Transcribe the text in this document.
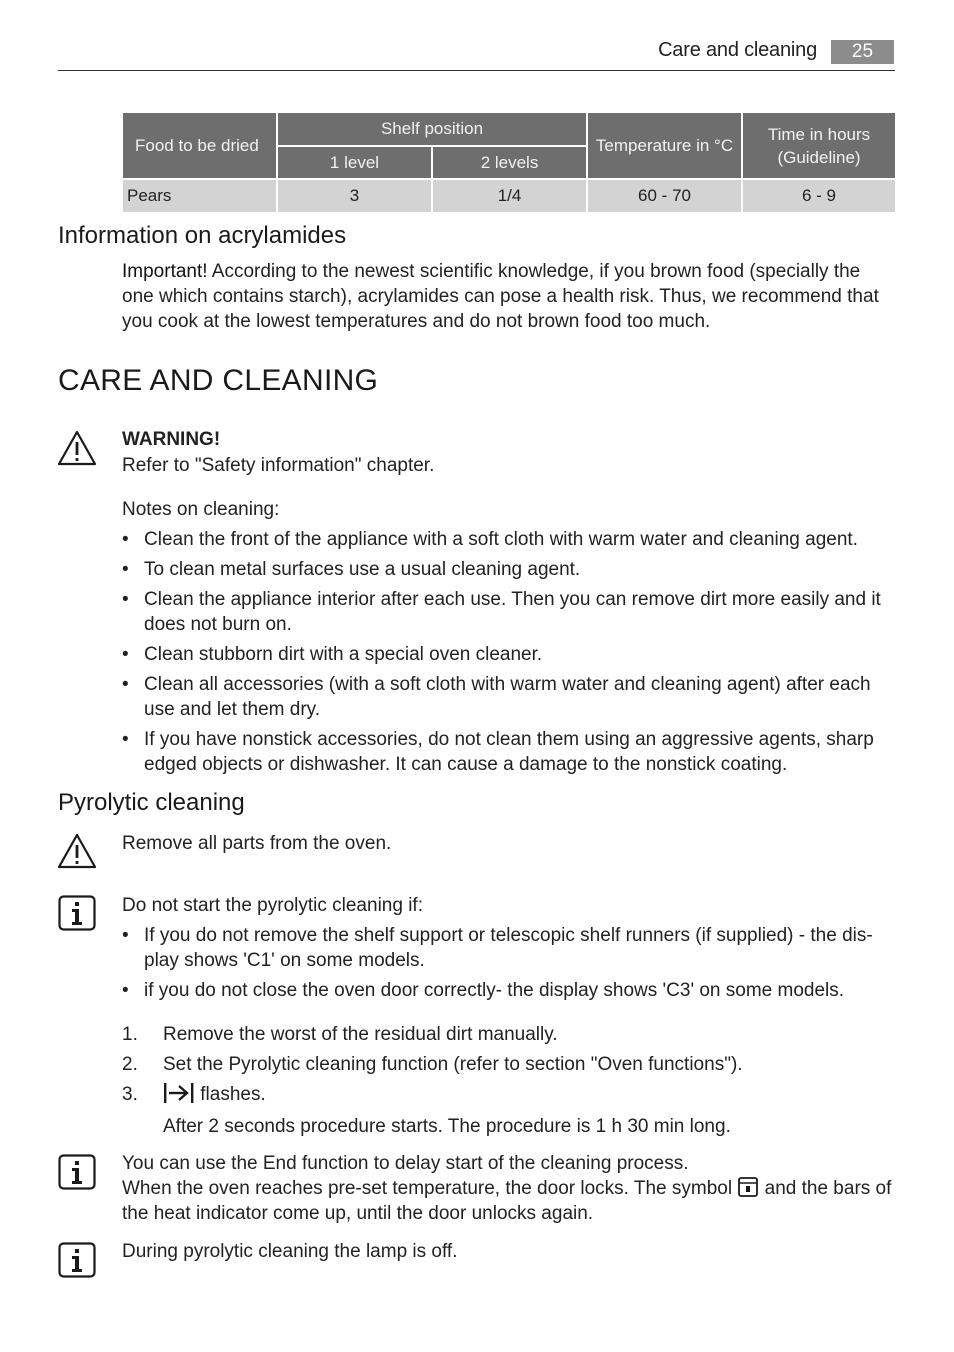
Care and cleaning	25
Food to be dried	Shelf position		Temperature in °C	Time in hours (Guideline)
	1 level	2 levels		
Pears	3	1/4	60 - 70	6 - 9
Information on acrylamides
Important! According to the newest scientific knowledge, if you brown food (specially the one which contains starch), acrylamides can pose a health risk. Thus, we recommend that you cook at the lowest temperatures and do not brown food too much.
CARE AND CLEANING
WARNING!
Refer to "Safety information" chapter.
Notes on cleaning:
• Clean the front of the appliance with a soft cloth with warm water and cleaning agent.
• To clean metal surfaces use a usual cleaning agent.
• Clean the appliance interior after each use. Then you can remove dirt more easily and it does not burn on.
• Clean stubborn dirt with a special oven cleaner.
• Clean all accessories (with a soft cloth with warm water and cleaning agent) after each use and let them dry.
• If you have nonstick accessories, do not clean them using an aggressive agents, sharp edged objects or dishwasher. It can cause a damage to the nonstick coating.
Pyrolytic cleaning
Remove all parts from the oven.
Do not start the pyrolytic cleaning if:
• If you do not remove the shelf support or telescopic shelf runners (if supplied) - the dis-play shows 'C1' on some models.
• if you do not close the oven door correctly- the display shows 'C3' on some models.
1. Remove the worst of the residual dirt manually.
2. Set the Pyrolytic cleaning function (refer to section "Oven functions").
3.	flashes.
After 2 seconds procedure starts. The procedure is 1 h 30 min long.
You can use the End function to delay start of the cleaning process.
When the oven reaches pre-set temperature, the door locks. The symbol and the bars of the heat indicator come up, until the door unlocks again.
During pyrolytic cleaning the lamp is off.
